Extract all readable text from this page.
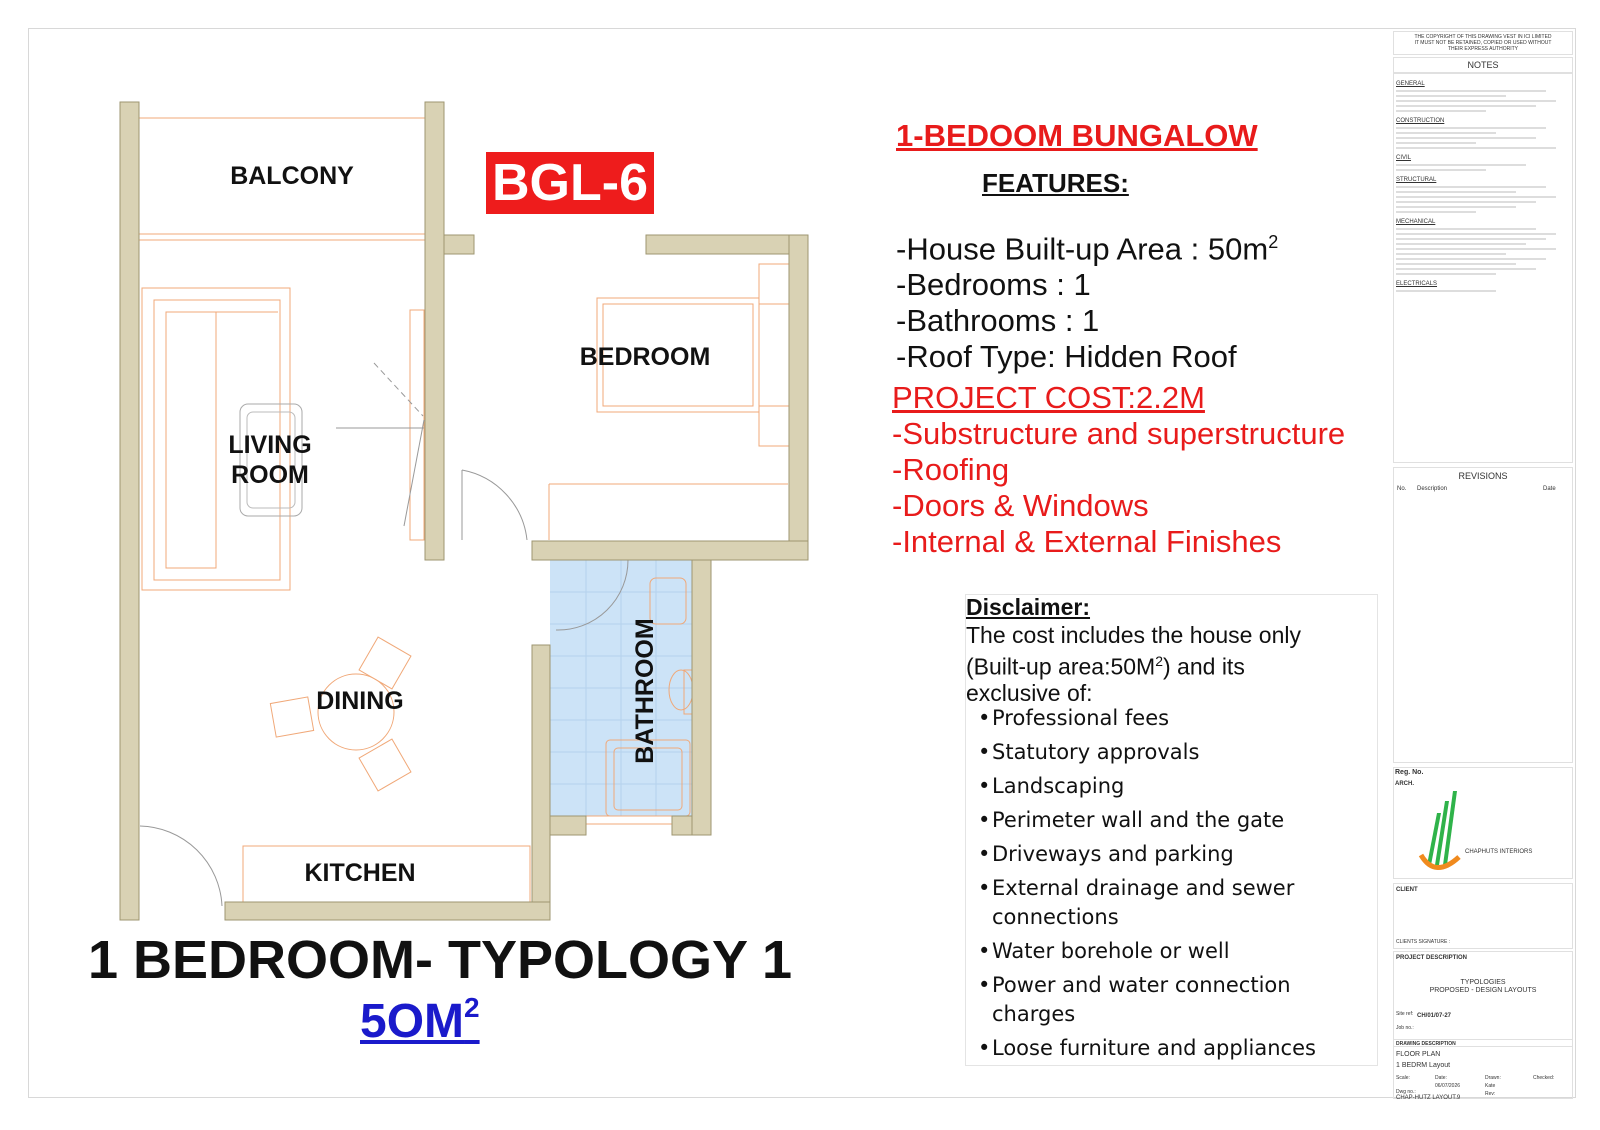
BALCONY
BEDROOM
LIVING
ROOM
DINING
KITCHEN
BATHROOM
BGL-6
1 BEDROOM- TYPOLOGY 1
$5OM^2$
1-BEDOOM BUNGALOW
FEATURES:
-House Built-up Area : $50m^2$
-Bedrooms : 1
-Bathrooms : 1
-Roof Type: Hidden Roof
PROJECT COST:2.2M
-Substructure and superstructure
-Roofing
-Doors & Windows
-Internal & External Finishes
Disclaimer:
The cost includes the house only
(Built-up $area:50M^2$) and its
exclusive of:
• Professional fees
• Statutory approvals
• Landscaping
• Perimeter wall and the gate
• Driveways and parking
• External drainage and sewer connections
• Water borehole or well
• Power and water connection charges
• Loose furniture and appliances
THE COPYRIGHT OF THIS DRAWING VEST IN ICI LIMITED IT MUST NOT BE RETAINED, COPIED OR USED WITHOUT THEIR EXPRESS AUTHORITY
NOTES
GENERAL
CONSTRUCTION
CIVIL
STRUCTURAL
MECHANICAL
ELECTRICALS
REVISIONS
No. Description	Date
Reg. No.
ARCH.
CHAPHUTS INTERIORS
CLIENT
CLIENTS SIGNATURE :
PROJECT DESCRIPTION
TYPOLOGIES
PROPOSED - DESIGN LAYOUTS
Site ref: CH/01/07-27
Job no.:
DRAWING DESCRIPTION
FLOOR PLAN
1 BEDRM Layout
Scale:	Date:
06/07/2026
Drawn:
Kate
Checked:
Dwg no.:	Rev:
CHAP-HUTZ LAYOUT.9
